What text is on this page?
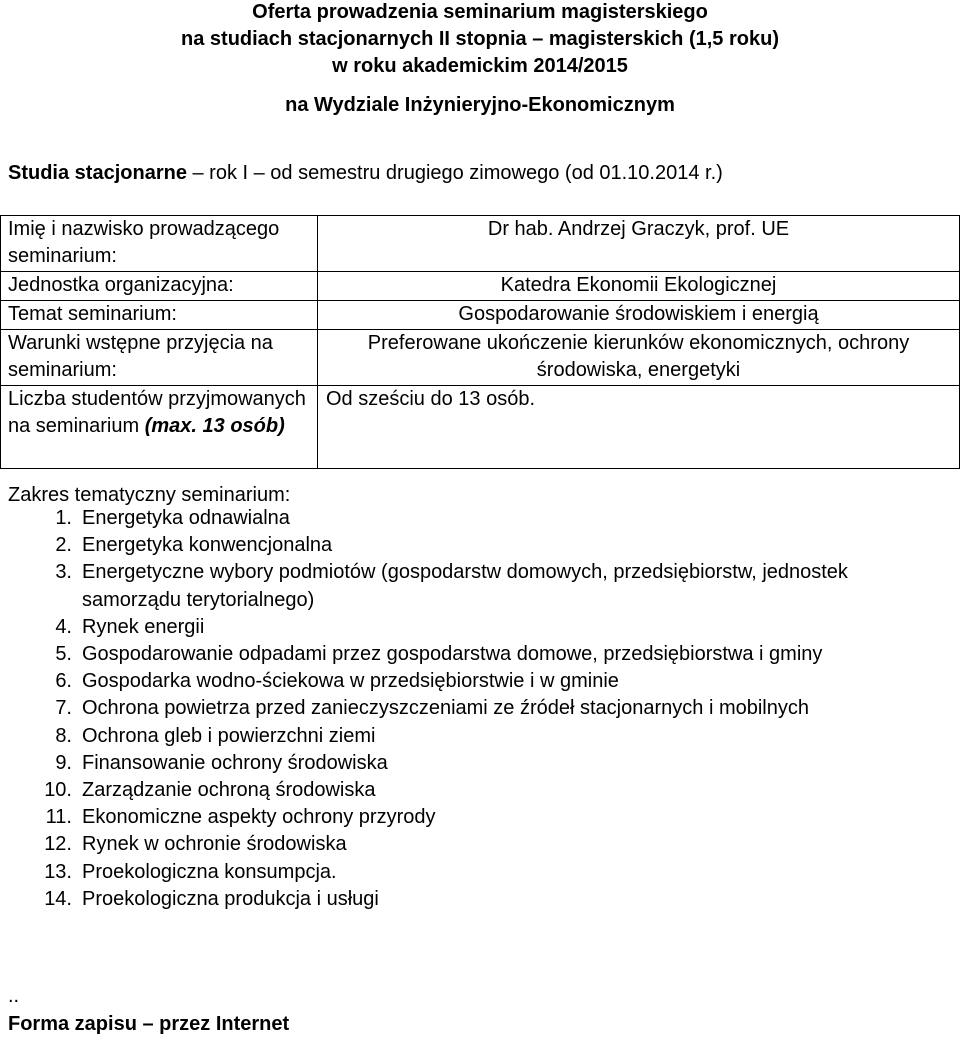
Oferta prowadzenia seminarium magisterskiego
na studiach stacjonarnych II stopnia – magisterskich (1,5 roku)
w roku akademickim 2014/2015
na Wydziale Inżynieryjno-Ekonomicznym
Studia stacjonarne – rok I – od semestru drugiego zimowego (od 01.10.2014 r.)
Imię i nazwisko prowadzącego seminarium:	Dr hab. Andrzej Graczyk, prof. UE
Jednostka organizacyjna:	Katedra Ekonomii Ekologicznej
Temat seminarium:	Gospodarowanie środowiskiem i energią
Warunki wstępne przyjęcia na seminarium:	Preferowane ukończenie kierunków ekonomicznych, ochrony środowiska, energetyki
Liczba studentów przyjmowanych na seminarium (max. 13 osób)	Od sześciu do 13 osób.
Zakres tematyczny seminarium:
1. Energetyka odnawialna
2. Energetyka konwencjonalna
3. Energetyczne wybory podmiotów (gospodarstw domowych, przedsiębiorstw, jednostek samorządu terytorialnego)
4. Rynek energii
5. Gospodarowanie odpadami przez gospodarstwa domowe, przedsiębiorstwa i gminy
6. Gospodarka wodno-ściekowa w przedsiębiorstwie i w gminie
7. Ochrona powietrza przed zanieczyszczeniami ze źródeł stacjonarnych i mobilnych
8. Ochrona gleb i powierzchni ziemi
9. Finansowanie ochrony środowiska
10. Zarządzanie ochroną środowiska
11. Ekonomiczne aspekty ochrony przyrody
12. Rynek w ochronie środowiska
13. Proekologiczna konsumpcja.
14. Proekologiczna produkcja i usługi
..
Forma zapisu – przez Internet
